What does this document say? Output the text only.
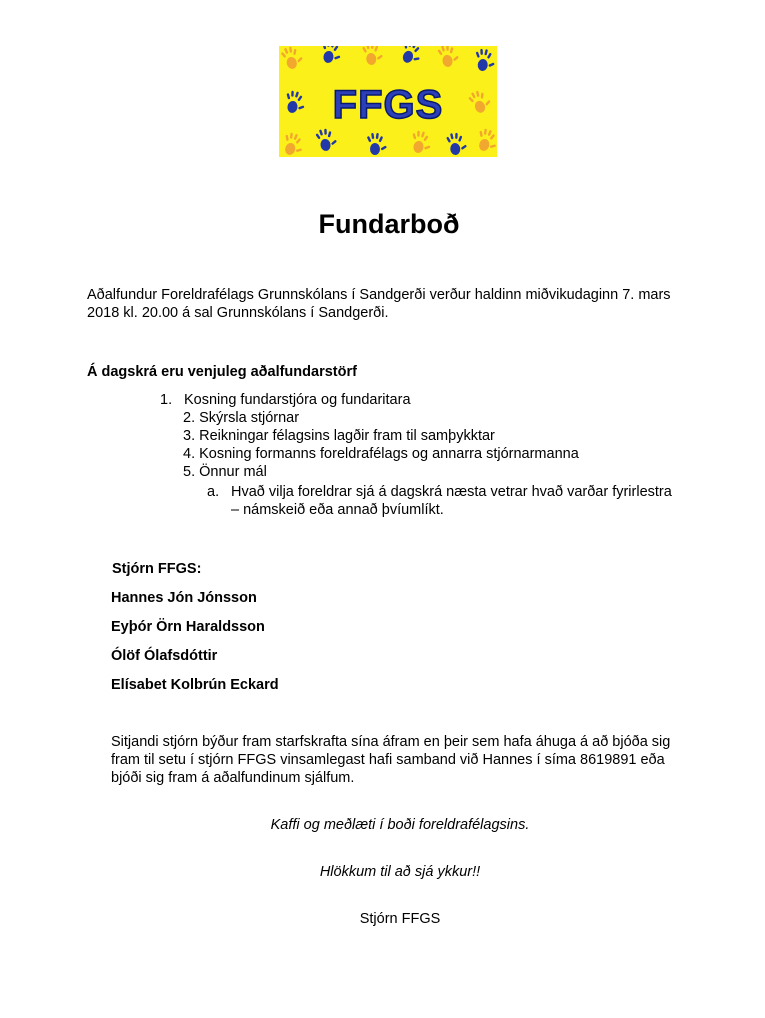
FFGS
Fundarboð
Aðalfundur Foreldrafélags Grunnskólans í Sandgerði verður haldinn miðvikudaginn 7. mars
2018 kl. 20.00 á sal Grunnskólans í Sandgerði.
Á dagskrá eru venjuleg aðalfundarstörf
1. Kosning fundarstjóra og fundaritara
2. Skýrsla stjórnar
3. Reikningar félagsins lagðir fram til samþykktar
4. Kosning formanns foreldrafélags og annarra stjórnarmanna
5. Önnur mál
a. Hvað vilja foreldrar sjá á dagskrá næsta vetrar hvað varðar fyrirlestra
– námskeið eða annað þvíumlíkt.
Stjórn FFGS:
Hannes Jón Jónsson
Eyþór Örn Haraldsson
Ólöf Ólafsdóttir
Elísabet Kolbrún Eckard
Sitjandi stjórn býður fram starfskrafta sína áfram en þeir sem hafa áhuga á að bjóða sig
fram til setu í stjórn FFGS vinsamlegast hafi samband við Hannes í síma 8619891 eða
bjóði sig fram á aðalfundinum sjálfum.
Kaffi og meðlæti í boði foreldrafélagsins.
Hlökkum til að sjá ykkur!!
Stjórn FFGS
